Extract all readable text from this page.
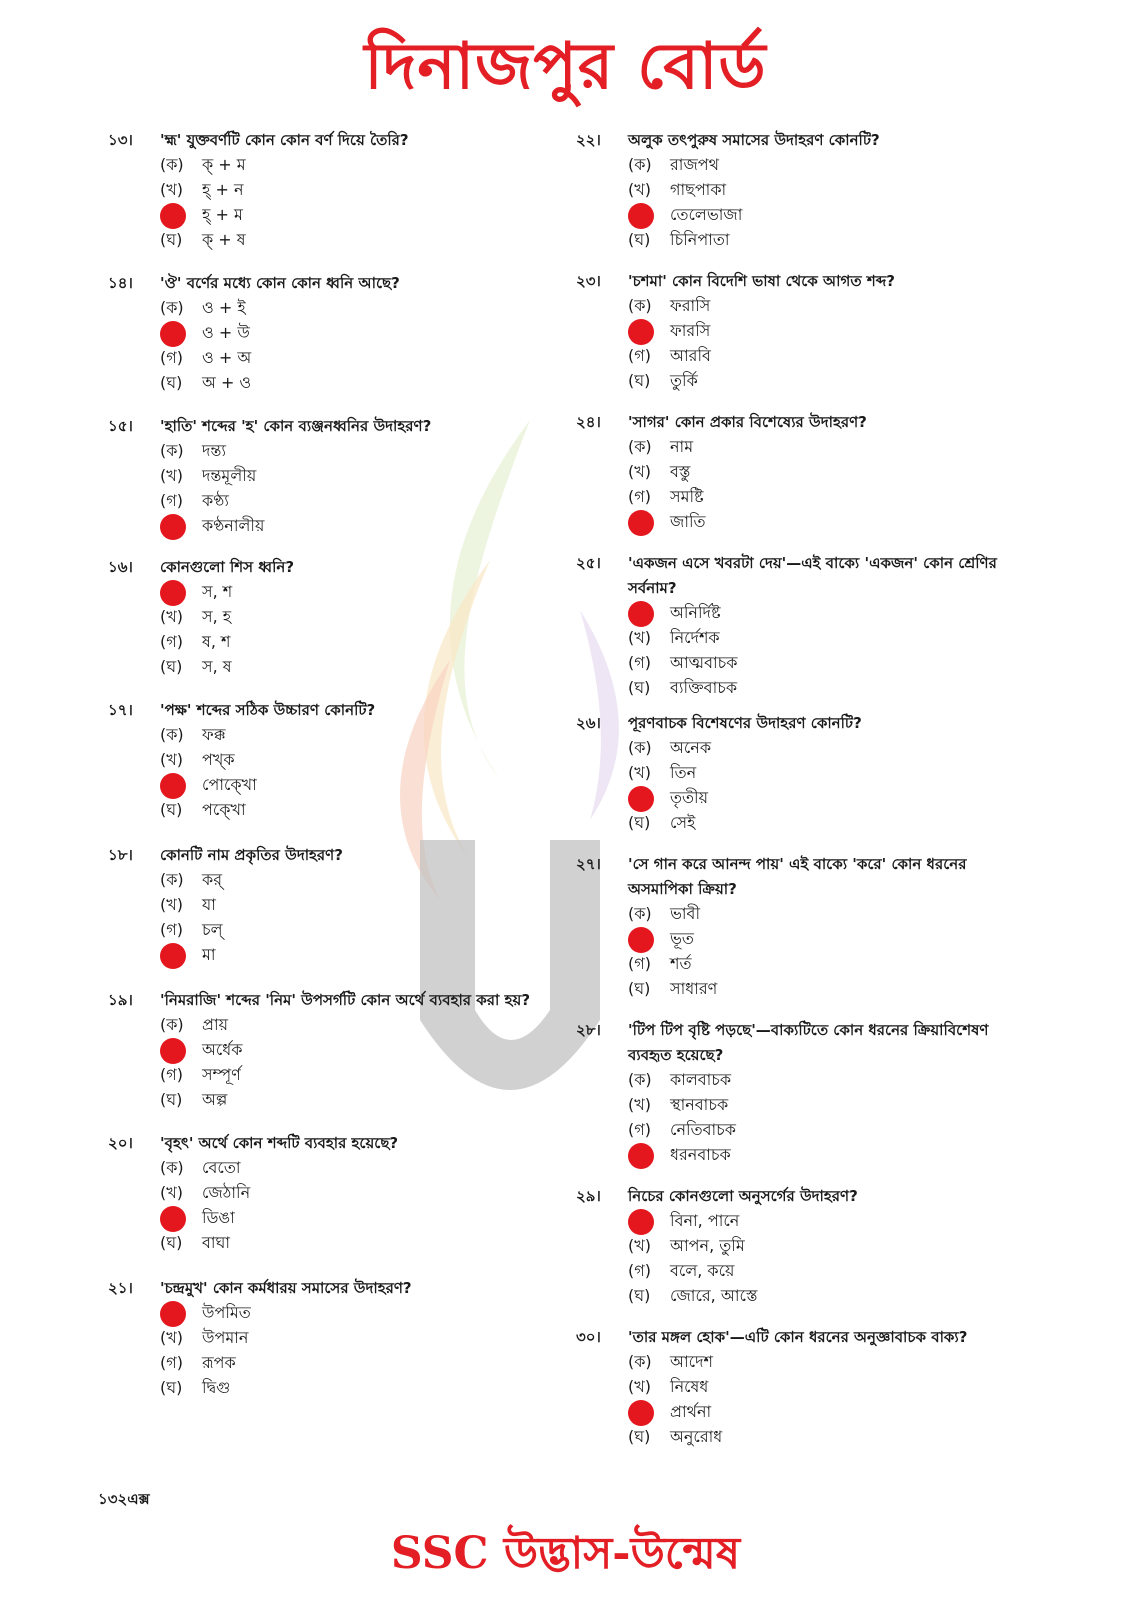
দিনাজপুর বোর্ড
১৩।	'হ্ম' যুক্তবর্ণটি কোন কোন বর্ণ দিয়ে তৈরি?
(ক)	ক্ + ম
(খ)	হ্ + ন
হ্ + ম
(ঘ)	ক্ + ষ
১৪।	'ঔ' বর্ণের মধ্যে কোন কোন ধ্বনি আছে?
(ক)	ও + ই
ও + উ
(গ)	ও + অ
(ঘ)	অ + ও
১৫।	'হাতি' শব্দের 'হ' কোন ব্যঞ্জনধ্বনির উদাহরণ?
(ক)	দন্ত্য
(খ)	দন্তমূলীয়
(গ)	কণ্ঠ্য
কণ্ঠনালীয়
১৬।	কোনগুলো শিস ধ্বনি?
স, শ
(খ)	স, হ
(গ)	ষ, শ
(ঘ)	স, ষ
১৭।	'পক্ষ' শব্দের সঠিক উচ্চারণ কোনটি?
(ক)	ফক্ক
(খ)	পখ্ক
পোক্খো
(ঘ)	পক্খো
১৮।	কোনটি নাম প্রকৃতির উদাহরণ?
(ক)	কর্
(খ)	যা
(গ)	চল্
মা
১৯।	'নিমরাজি' শব্দের 'নিম' উপসর্গটি কোন অর্থে ব্যবহার করা হয়?
(ক)	প্রায়
অর্ধেক
(গ)	সম্পূর্ণ
(ঘ)	অল্প
২০।	'বৃহৎ' অর্থে কোন শব্দটি ব্যবহার হয়েছে?
(ক)	বেতো
(খ)	জেঠানি
ডিঙা
(ঘ)	বাঘা
২১।	'চন্দ্রমুখ' কোন কর্মধারয় সমাসের উদাহরণ?
উপমিত
(খ)	উপমান
(গ)	রূপক
(ঘ)	দ্বিগু
২২।	অলুক তৎপুরুষ সমাসের উদাহরণ কোনটি?
(ক)	রাজপথ
(খ)	গাছপাকা
তেলেভাজা
(ঘ)	চিনিপাতা
২৩।	'চশমা' কোন বিদেশি ভাষা থেকে আগত শব্দ?
(ক)	ফরাসি
ফারসি
(গ)	আরবি
(ঘ)	তুর্কি
২৪।	'সাগর' কোন প্রকার বিশেষ্যের উদাহরণ?
(ক)	নাম
(খ)	বস্তু
(গ)	সমষ্টি
জাতি
২৫।	'একজন এসে খবরটা দেয়'—এই বাক্যে 'একজন' কোন শ্রেণির সর্বনাম?
অনির্দিষ্ট
(খ)	নির্দেশক
(গ)	আত্মবাচক
(ঘ)	ব্যক্তিবাচক
২৬।	পূরণবাচক বিশেষণের উদাহরণ কোনটি?
(ক)	অনেক
(খ)	তিন
তৃতীয়
(ঘ)	সেই
২৭।	'সে গান করে আনন্দ পায়' এই বাক্যে 'করে' কোন ধরনের অসমাপিকা ক্রিয়া?
(ক)	ভাবী
ভূত
(গ)	শর্ত
(ঘ)	সাধারণ
২৮।	'টিপ টিপ বৃষ্টি পড়ছে'—বাক্যটিতে কোন ধরনের ক্রিয়াবিশেষণ ব্যবহৃত হয়েছে?
(ক)	কালবাচক
(খ)	স্থানবাচক
(গ)	নেতিবাচক
ধরনবাচক
২৯।	নিচের কোনগুলো অনুসর্গের উদাহরণ?
বিনা, পানে
(খ)	আপন, তুমি
(গ)	বলে, কয়ে
(ঘ)	জোরে, আস্তে
৩০।	'তার মঙ্গল হোক'—এটি কোন ধরনের অনুজ্ঞাবাচক বাক্য?
(ক)	আদেশ
(খ)	নিষেধ
প্রার্থনা
(ঘ)	অনুরোধ
১৩২এক্স
SSC উদ্ভাস-উন্মেষ
